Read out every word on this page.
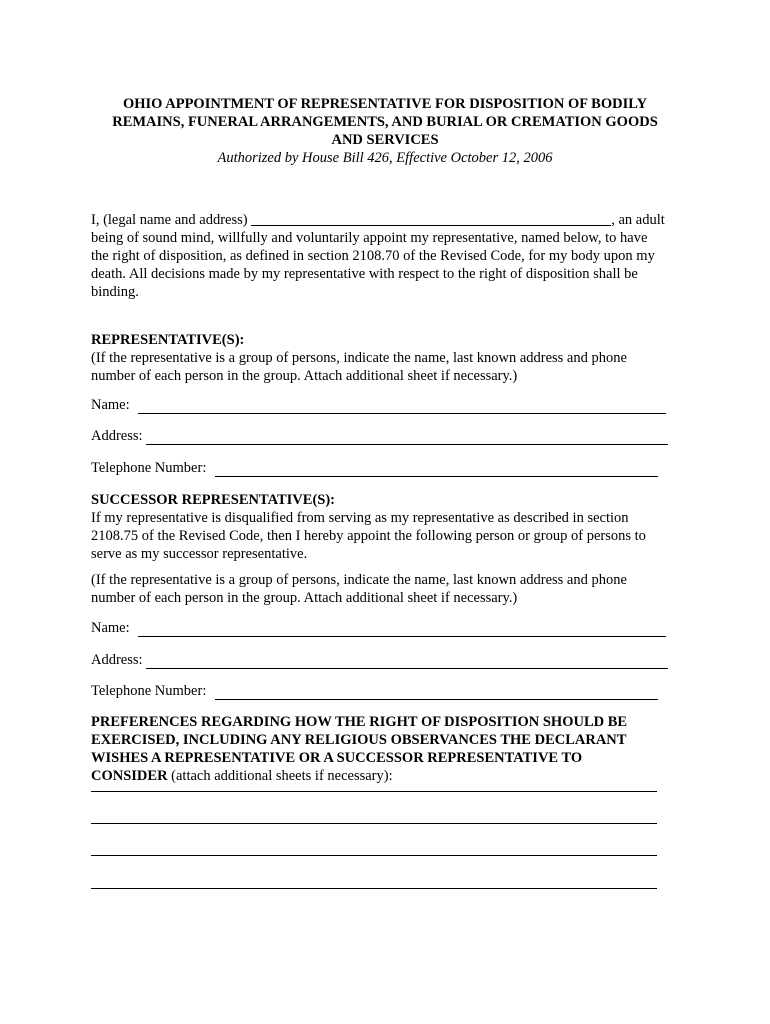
OHIO APPOINTMENT OF REPRESENTATIVE FOR DISPOSITION OF BODILY
REMAINS, FUNERAL ARRANGEMENTS, AND BURIAL OR CREMATION GOODS
AND SERVICES
Authorized by House Bill 426, Effective October 12, 2006
I, (legal name and address)	, an adult
being of sound mind, willfully and voluntarily appoint my representative, named below, to have
the right of disposition, as defined in section 2108.70 of the Revised Code, for my body upon my
death. All decisions made by my representative with respect to the right of disposition shall be
binding.
REPRESENTATIVE(S):
(If the representative is a group of persons, indicate the name, last known address and phone
number of each person in the group. Attach additional sheet if necessary.)
Name:
Address:
Telephone Number:
SUCCESSOR REPRESENTATIVE(S):
If my representative is disqualified from serving as my representative as described in section
2108.75 of the Revised Code, then I hereby appoint the following person or group of persons to
serve as my successor representative.
(If the representative is a group of persons, indicate the name, last known address and phone
number of each person in the group. Attach additional sheet if necessary.)
Name:
Address:
Telephone Number:
PREFERENCES REGARDING HOW THE RIGHT OF DISPOSITION SHOULD BE
EXERCISED, INCLUDING ANY RELIGIOUS OBSERVANCES THE DECLARANT
WISHES A REPRESENTATIVE OR A SUCCESSOR REPRESENTATIVE TO
CONSIDER (attach additional sheets if necessary):
